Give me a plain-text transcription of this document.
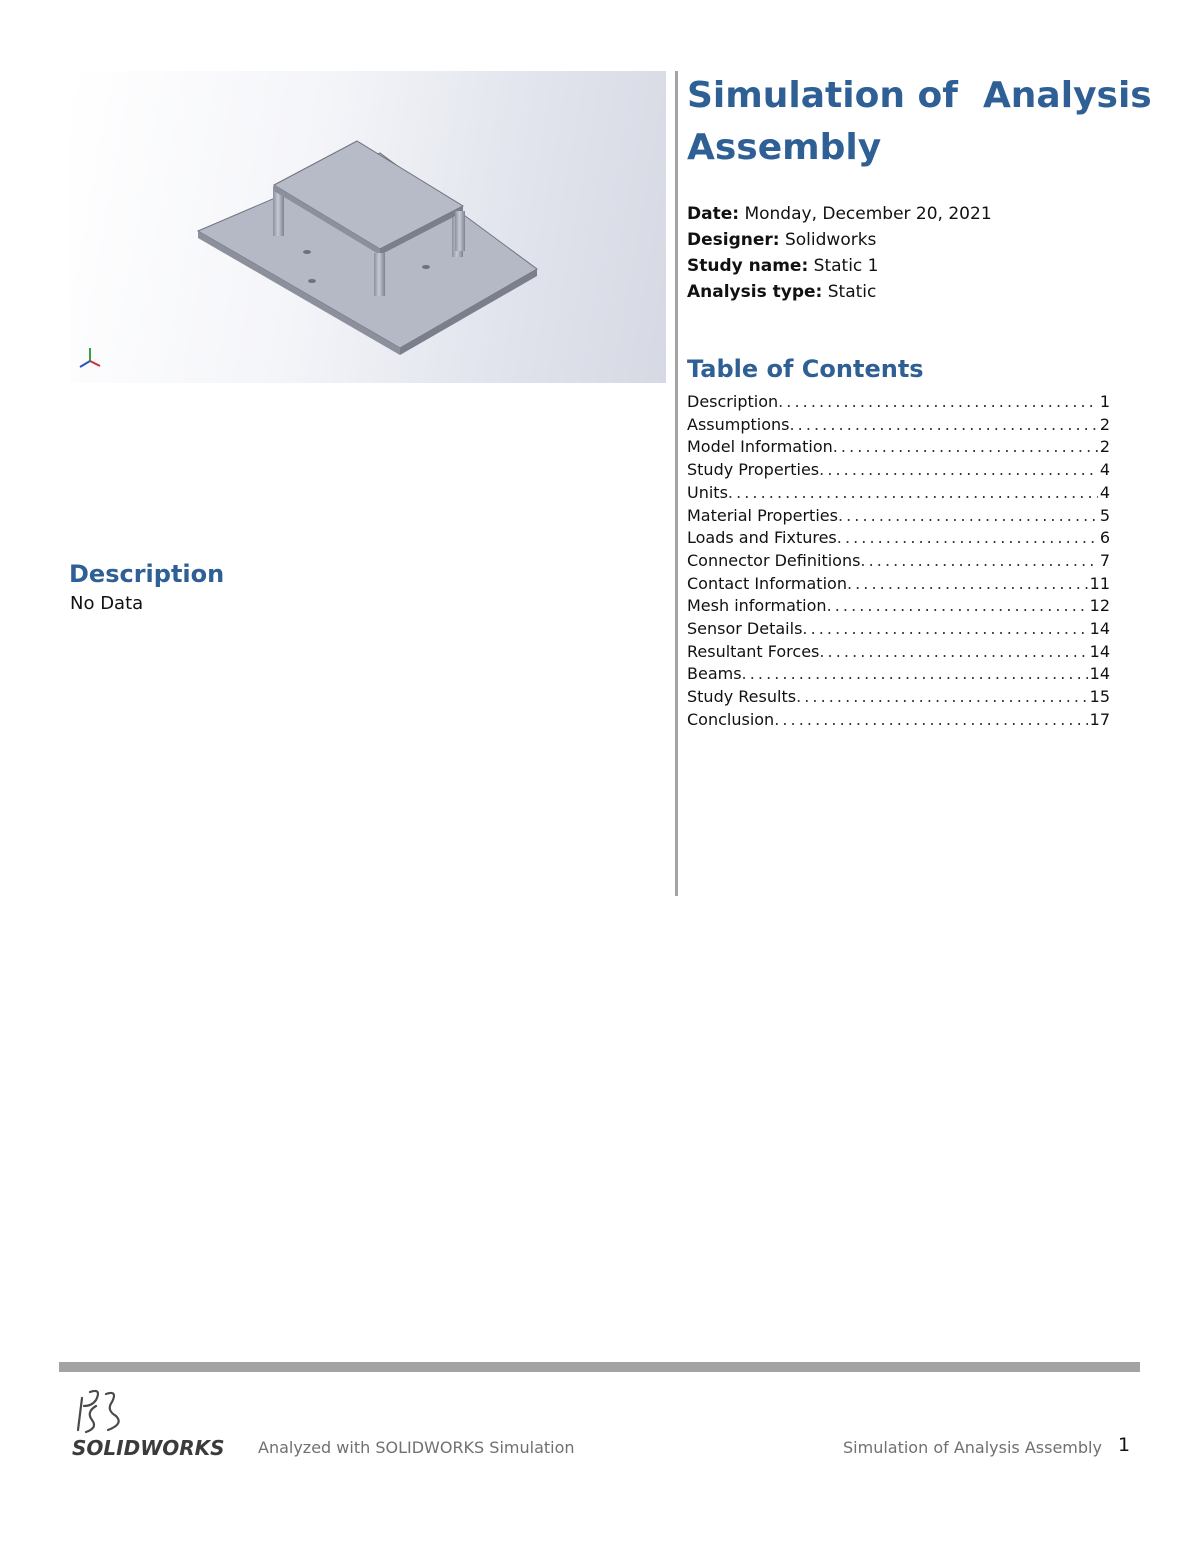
Simulation of  Analysis Assembly
Date: Monday, December 20, 2021
Designer: Solidworks
Study name: Static 1
Analysis type: Static
Table of Contents
Description . . .	1
Assumptions . . .	2
Model Information . . .	2
Study Properties . . .	4
Units . . .	4
Material Properties . . .	5
Loads and Fixtures . . .	6
Connector Definitions . . .	7
Contact Information . . .	11
Mesh information . . .	12
Sensor Details . . .	14
Resultant Forces . . .	14
Beams . . .	14
Study Results . . .	15
Conclusion . . .	17
Description
No Data
SOLIDWORKS Analyzed with SOLIDWORKS Simulation	Simulation of Analysis Assembly 1
